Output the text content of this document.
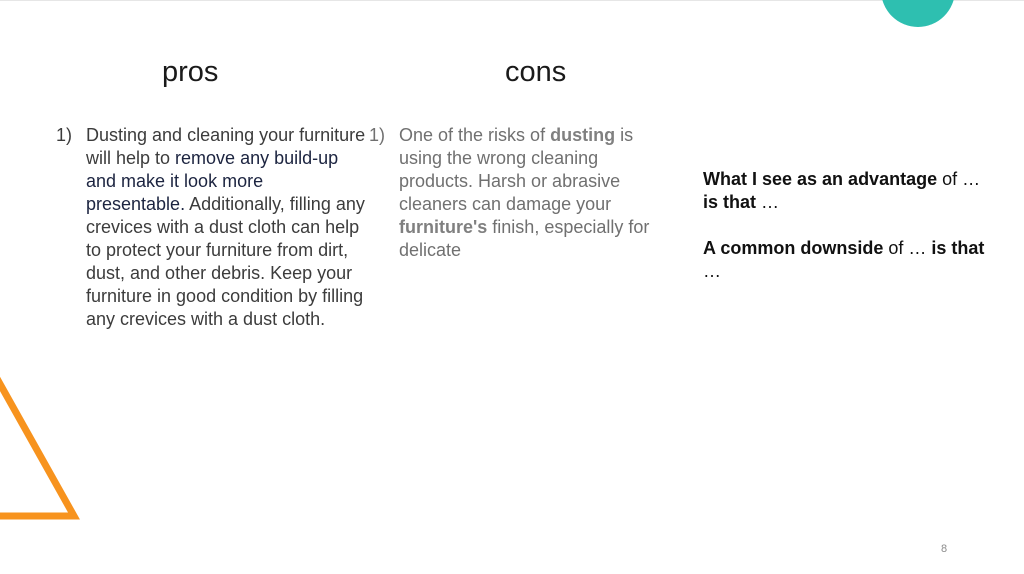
pros	cons
1) Dusting and cleaning your furniture will help to remove any build-up and make it look more presentable. Additionally, filling any crevices with a dust cloth can help to protect your furniture from dirt, dust, and other debris. Keep your furniture in good condition by filling any crevices with a dust cloth.
1) One of the risks of dusting is using the wrong cleaning products. Harsh or abrasive cleaners can damage your furniture's finish, especially for delicate

What I see as an advantage of … is that …

A common downside of … is that …

8
